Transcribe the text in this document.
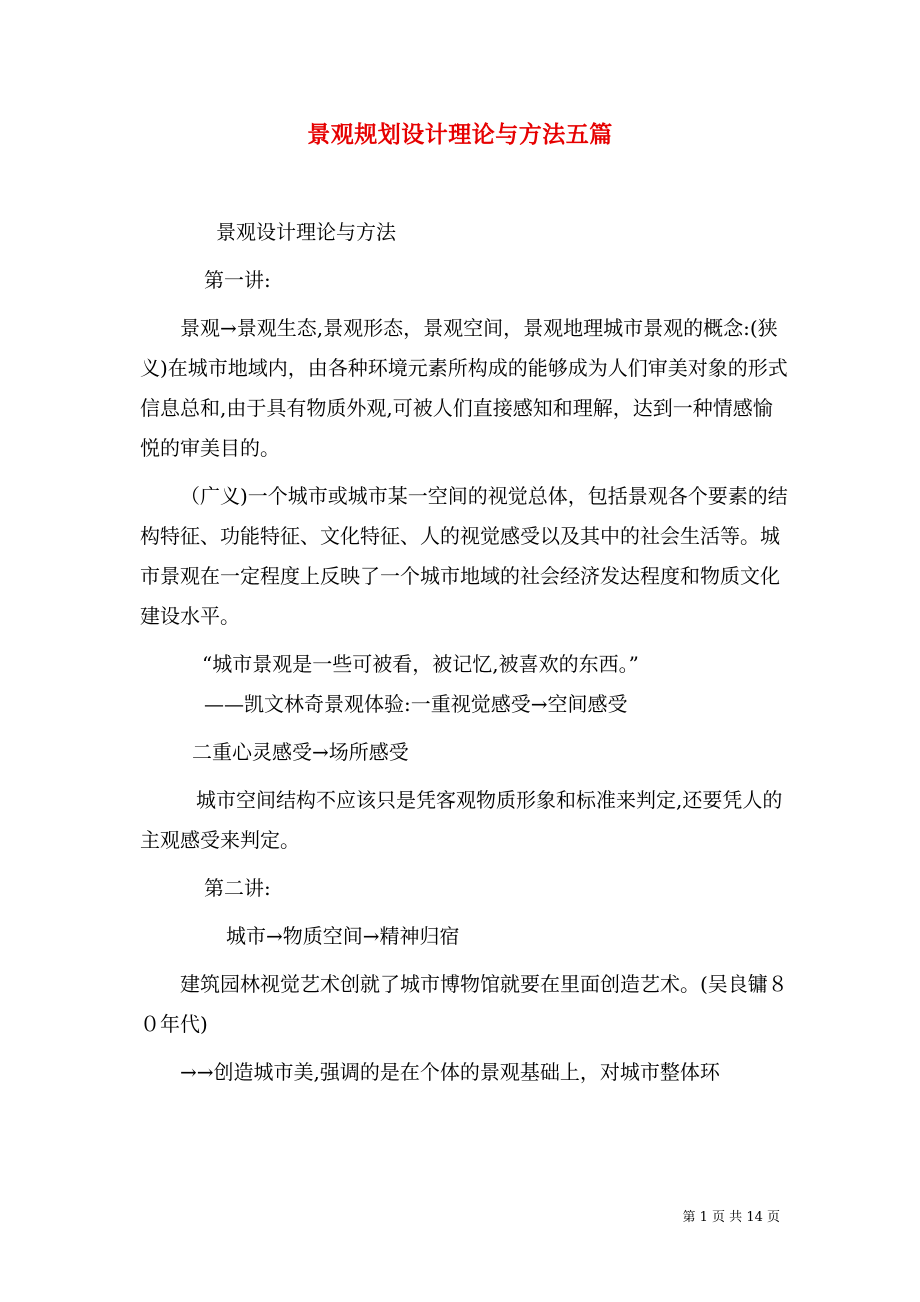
景观规划设计理论与方法五篇

景观设计理论与方法

第一讲:

景观→景观生态,景观形态，景观空间，景观地理城市景观的概念:(狭义)在城市地域内，由各种环境元素所构成的能够成为人们审美对象的形式信息总和,由于具有物质外观,可被人们直接感知和理解，达到一种情感愉悦的审美目的。

（广义)一个城市或城市某一空间的视觉总体，包括景观各个要素的结构特征、功能特征、文化特征、人的视觉感受以及其中的社会生活等。城市景观在一定程度上反映了一个城市地域的社会经济发达程度和物质文化建设水平。

“城市景观是一些可被看，被记忆,被喜欢的东西。”

——凯文林奇景观体验:一重视觉感受→空间感受

二重心灵感受→场所感受

城市空间结构不应该只是凭客观物质形象和标准来判定,还要凭人的主观感受来判定。

第二讲:

城市→物质空间→精神归宿

建筑园林视觉艺术创就了城市博物馆就要在里面创造艺术。(吴良镛８０年代)

→→创造城市美,强调的是在个体的景观基础上，对城市整体环

第 1 页 共 14 页
